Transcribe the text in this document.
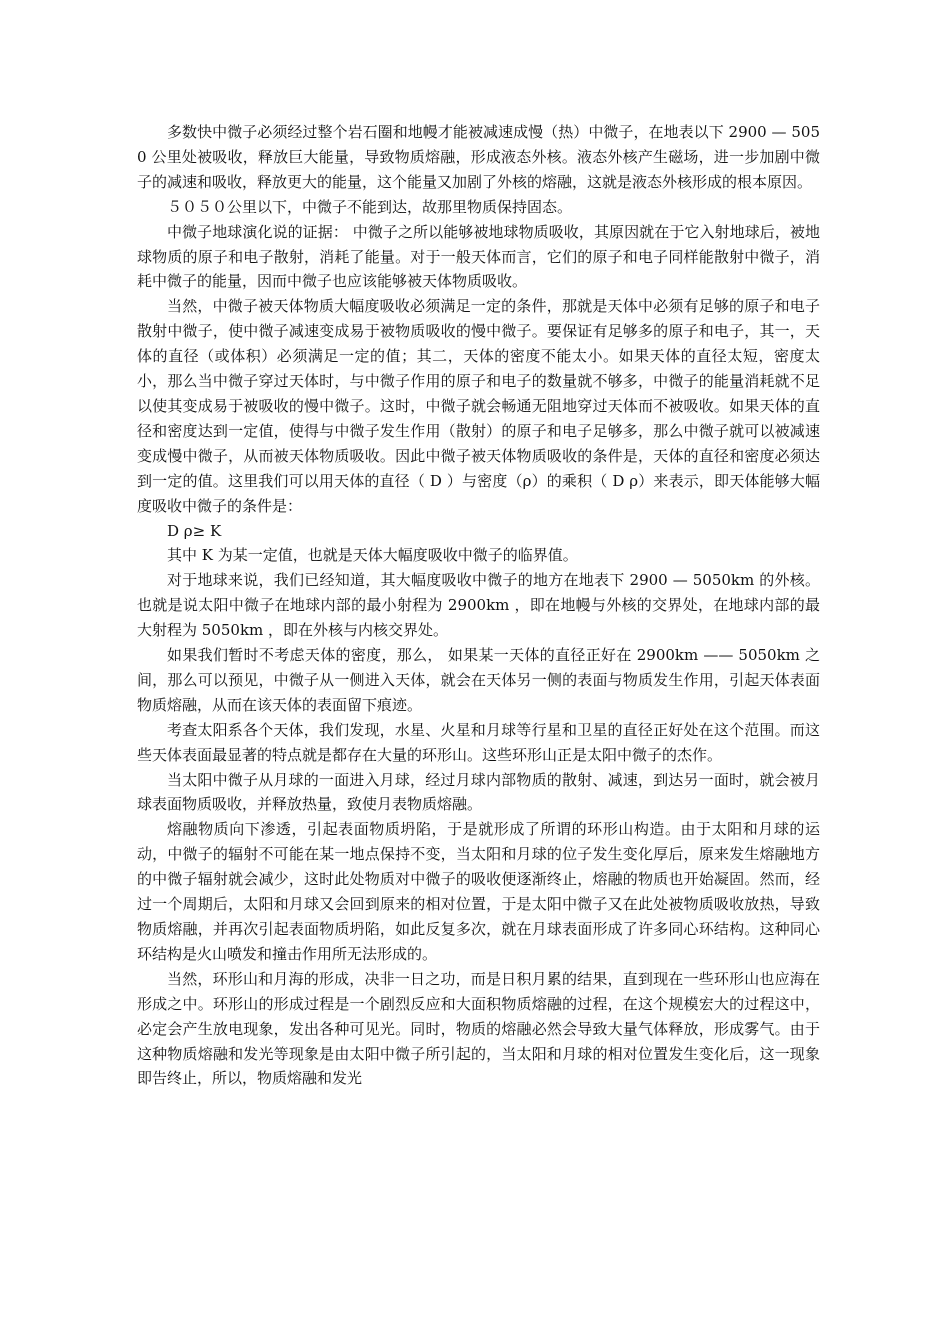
多数快中微子必须经过整个岩石圈和地幔才能被减速成慢（热）中微子，在地表以下 2900 — 5050 公里处被吸收，释放巨大能量，导致物质熔融，形成液态外核。液态外核产生磁场，进一步加剧中微子的减速和吸收，释放更大的能量，这个能量又加剧了外核的熔融，这就是液态外核形成的根本原因。

５０５０公里以下，中微子不能到达，故那里物质保持固态。

中微子地球演化说的证据： 中微子之所以能够被地球物质吸收，其原因就在于它入射地球后，被地球物质的原子和电子散射，消耗了能量。对于一般天体而言，它们的原子和电子同样能散射中微子，消耗中微子的能量，因而中微子也应该能够被天体物质吸收。

当然，中微子被天体物质大幅度吸收必须满足一定的条件，那就是天体中必须有足够的原子和电子散射中微子，使中微子减速变成易于被物质吸收的慢中微子。要保证有足够多的原子和电子，其一，天体的直径（或体积）必须满足一定的值；其二，天体的密度不能太小。如果天体的直径太短，密度太小，那么当中微子穿过天体时，与中微子作用的原子和电子的数量就不够多，中微子的能量消耗就不足以使其变成易于被吸收的慢中微子。这时，中微子就会畅通无阻地穿过天体而不被吸收。如果天体的直径和密度达到一定值，使得与中微子发生作用（散射）的原子和电子足够多，那么中微子就可以被减速变成慢中微子，从而被天体物质吸收。因此中微子被天体物质吸收的条件是，天体的直径和密度必须达到一定的值。这里我们可以用天体的直径（ D ）与密度（ρ）的乘积（ D ρ）来表示，即天体能够大幅度吸收中微子的条件是：

D ρ≥ K

其中 K 为某一定值，也就是天体大幅度吸收中微子的临界值。

对于地球来说，我们已经知道，其大幅度吸收中微子的地方在地表下 2900 — 5050km 的外核。也就是说太阳中微子在地球内部的最小射程为 2900km ，即在地幔与外核的交界处，在地球内部的最大射程为 5050km ，即在外核与内核交界处。

如果我们暂时不考虑天体的密度，那么， 如果某一天体的直径正好在 2900km —— 5050km 之间，那么可以预见，中微子从一侧进入天体，就会在天体另一侧的表面与物质发生作用，引起天体表面物质熔融，从而在该天体的表面留下痕迹。

考查太阳系各个天体，我们发现，水星、火星和月球等行星和卫星的直径正好处在这个范围。而这些天体表面最显著的特点就是都存在大量的环形山。这些环形山正是太阳中微子的杰作。

当太阳中微子从月球的一面进入月球，经过月球内部物质的散射、减速，到达另一面时，就会被月球表面物质吸收，并释放热量，致使月表物质熔融。

熔融物质向下渗透，引起表面物质坍陷，于是就形成了所谓的环形山构造。由于太阳和月球的运动，中微子的辐射不可能在某一地点保持不变，当太阳和月球的位子发生变化厚后，原来发生熔融地方的中微子辐射就会减少，这时此处物质对中微子的吸收便逐渐终止，熔融的物质也开始凝固。然而，经过一个周期后，太阳和月球又会回到原来的相对位置，于是太阳中微子又在此处被物质吸收放热，导致物质熔融，并再次引起表面物质坍陷，如此反复多次，就在月球表面形成了许多同心环结构。这种同心环结构是火山喷发和撞击作用所无法形成的。

当然，环形山和月海的形成，决非一日之功，而是日积月累的结果，直到现在一些环形山也应海在形成之中。环形山的形成过程是一个剧烈反应和大面积物质熔融的过程，在这个规模宏大的过程这中，必定会产生放电现象，发出各种可见光。同时，物质的熔融必然会导致大量气体释放，形成雾气。由于这种物质熔融和发光等现象是由太阳中微子所引起的，当太阳和月球的相对位置发生变化后，这一现象即告终止，所以，物质熔融和发光
